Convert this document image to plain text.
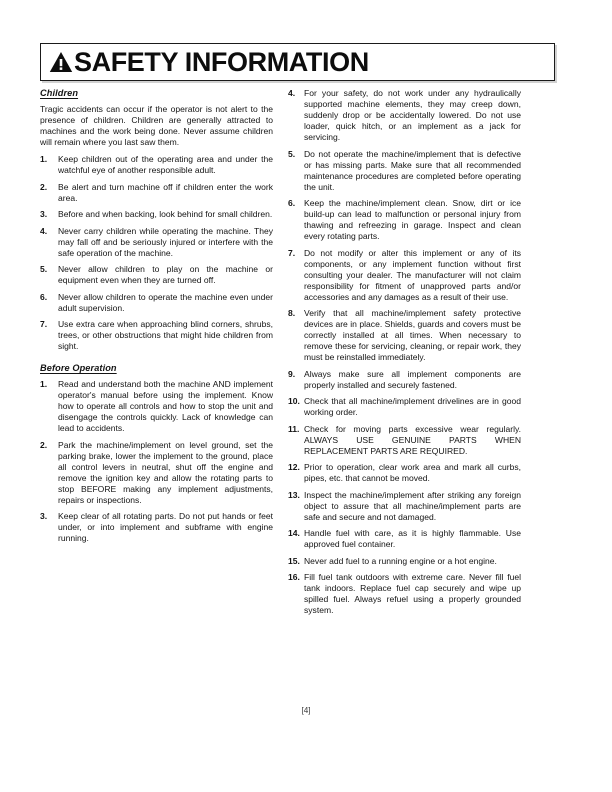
SAFETY INFORMATION
Children

Tragic accidents can occur if the operator is not alert to the presence of children. Children are generally attracted to machines and the work being done. Never assume children will remain where you last saw them.

1.	Keep children out of the operating area and under the watchful eye of another responsible adult.
2.	Be alert and turn machine off if children enter the work area.
3.	Before and when backing, look behind for small children.
4.	Never carry children while operating the machine. They may fall off and be seriously injured or interfere with the safe operation of the machine.
5.	Never allow children to play on the machine or equipment even when they are turned off.
6.	Never allow children to operate the machine even under adult supervision.
7.	Use extra care when approaching blind corners, shrubs, trees, or other obstructions that might hide children from sight.
Before Operation
1.	Read and understand both the machine AND implement operator's manual before using the implement. Know how to operate all controls and how to stop the unit and disengage the controls quickly. Lack of knowledge can lead to accidents.
2.	Park the machine/implement on level ground, set the parking brake, lower the implement to the ground, place all control levers in neutral, shut off the engine and remove the ignition key and allow the rotating parts to stop BEFORE making any implement adjustments, repairs or inspections.
3.	Keep clear of all rotating parts. Do not put hands or feet under, or into implement and subframe with engine running.
4.	For your safety, do not work under any hydraulically supported machine elements, they may creep down, suddenly drop or be accidentally lowered. Do not use loader, quick hitch, or an implement as a jack for servicing.
5.	Do not operate the machine/implement that is defective or has missing parts. Make sure that all recommended maintenance procedures are completed before operating the unit.
6.	Keep the machine/implement clean. Snow, dirt or ice build-up can lead to malfunction or personal injury from thawing and refreezing in garage. Inspect and clean every rotating parts.
7.	Do not modify or alter this implement or any of its components, or any implement function without first consulting your dealer. The manufacturer will not claim responsibility for fitment of unapproved parts and/or accessories and any damages as a result of their use.
8.	Verify that all machine/implement safety protective devices are in place. Shields, guards and covers must be correctly installed at all times. When necessary to remove these for servicing, cleaning, or repair work, they must be reinstalled immediately.
9.	Always make sure all implement components are properly installed and securely fastened.
10. Check that all machine/implement drivelines are in good working order.
11. Check for moving parts excessive wear regularly. ALWAYS USE GENUINE PARTS WHEN REPLACEMENT PARTS ARE REQUIRED.
12. Prior to operation, clear work area and mark all curbs, pipes, etc. that cannot be moved.
13. Inspect the machine/implement after striking any foreign object to assure that all machine/implement parts are safe and secure and not damaged.
14. Handle fuel with care, as it is highly flammable. Use approved fuel container.
15. Never add fuel to a running engine or a hot engine.
16. Fill fuel tank outdoors with extreme care. Never fill fuel tank indoors. Replace fuel cap securely and wipe up spilled fuel. Always refuel using a properly grounded system.
[4]
